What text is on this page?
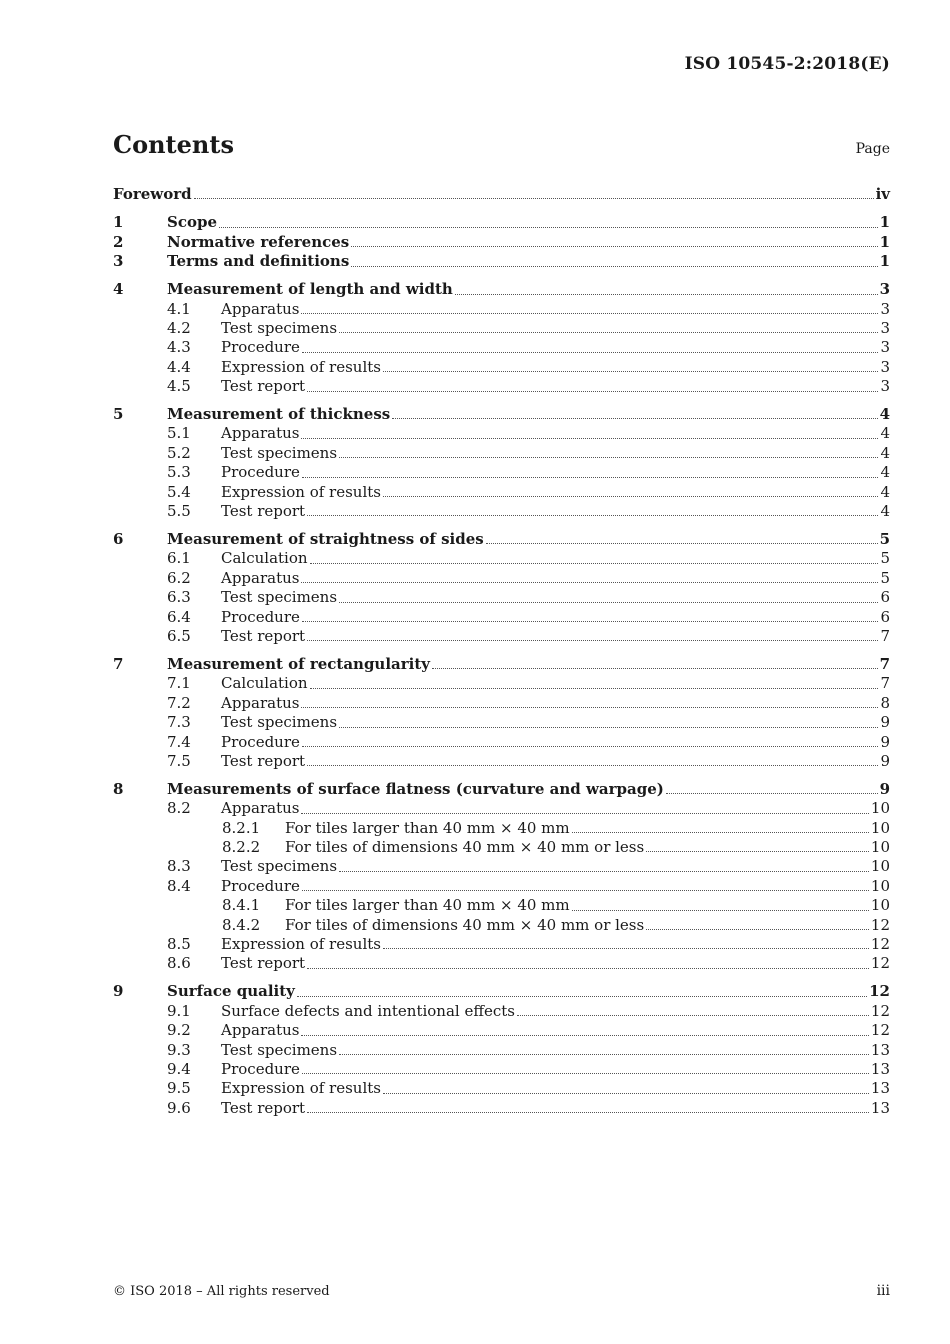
ISO 10545-2:2018(E)
Contents	Page
Foreword	iv
1	Scope	1
2	Normative references	1
3	Terms and definitions	1
4	Measurement of length and width	3
4.1	Apparatus	3
4.2	Test specimens	3
4.3	Procedure	3
4.4	Expression of results	3
4.5	Test report	3
5	Measurement of thickness	4
5.1	Apparatus	4
5.2	Test specimens	4
5.3	Procedure	4
5.4	Expression of results	4
5.5	Test report	4
6	Measurement of straightness of sides	5
6.1	Calculation	5
6.2	Apparatus	5
6.3	Test specimens	6
6.4	Procedure	6
6.5	Test report	7
7	Measurement of rectangularity	7
7.1	Calculation	7
7.2	Apparatus	8
7.3	Test specimens	9
7.4	Procedure	9
7.5	Test report	9
8	Measurements of surface flatness (curvature and warpage)	9
8.2	Apparatus	10
8.2.1	For tiles larger than 40 mm × 40 mm	10
8.2.2	For tiles of dimensions 40 mm × 40 mm or less	10
8.3	Test specimens	10
8.4	Procedure	10
8.4.1	For tiles larger than 40 mm × 40 mm	10
8.4.2	For tiles of dimensions 40 mm × 40 mm or less	12
8.5	Expression of results	12
8.6	Test report	12
9	Surface quality	12
9.1	Surface defects and intentional effects	12
9.2	Apparatus	12
9.3	Test specimens	13
9.4	Procedure	13
9.5	Expression of results	13
9.6	Test report	13
© ISO 2018 – All rights reserved	iii
